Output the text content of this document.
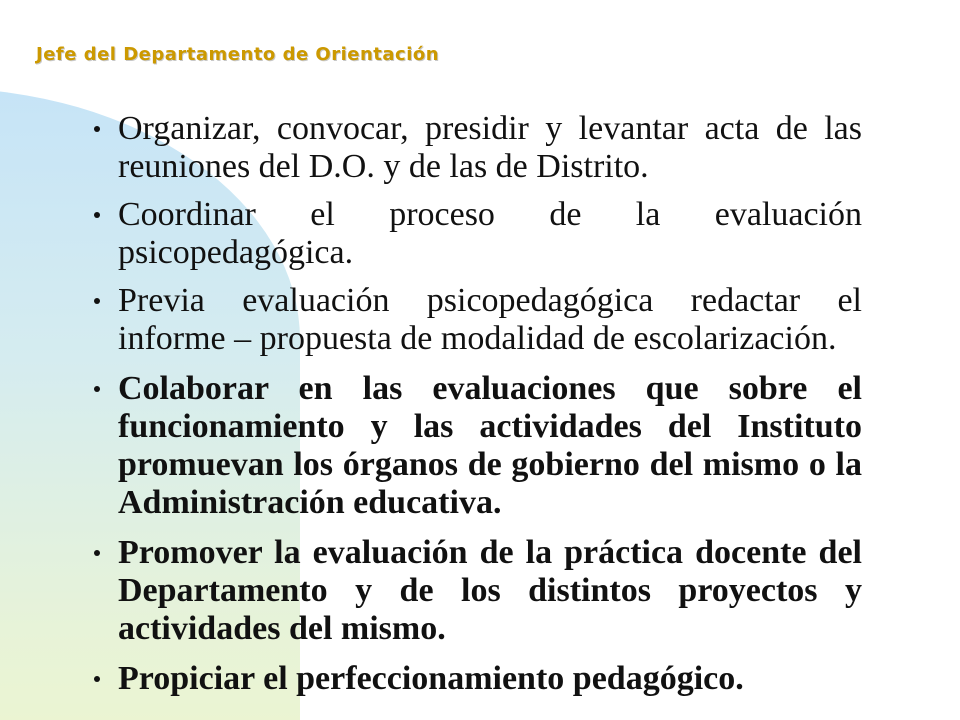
Jefe del Departamento de Orientación
Organizar, convocar, presidir y levantar acta de las reuniones del D.O. y de las de Distrito.
Coordinar el proceso de la evaluación psicopedagógica.
Previa evaluación psicopedagógica redactar el informe – propuesta de modalidad de escolarización.
Colaborar en las evaluaciones que sobre el funcionamiento y las actividades del Instituto promuevan los órganos de gobierno del mismo o la Administración educativa.
Promover la evaluación de la práctica docente del Departamento y de los distintos proyectos y actividades del mismo.
Propiciar el perfeccionamiento pedagógico.
